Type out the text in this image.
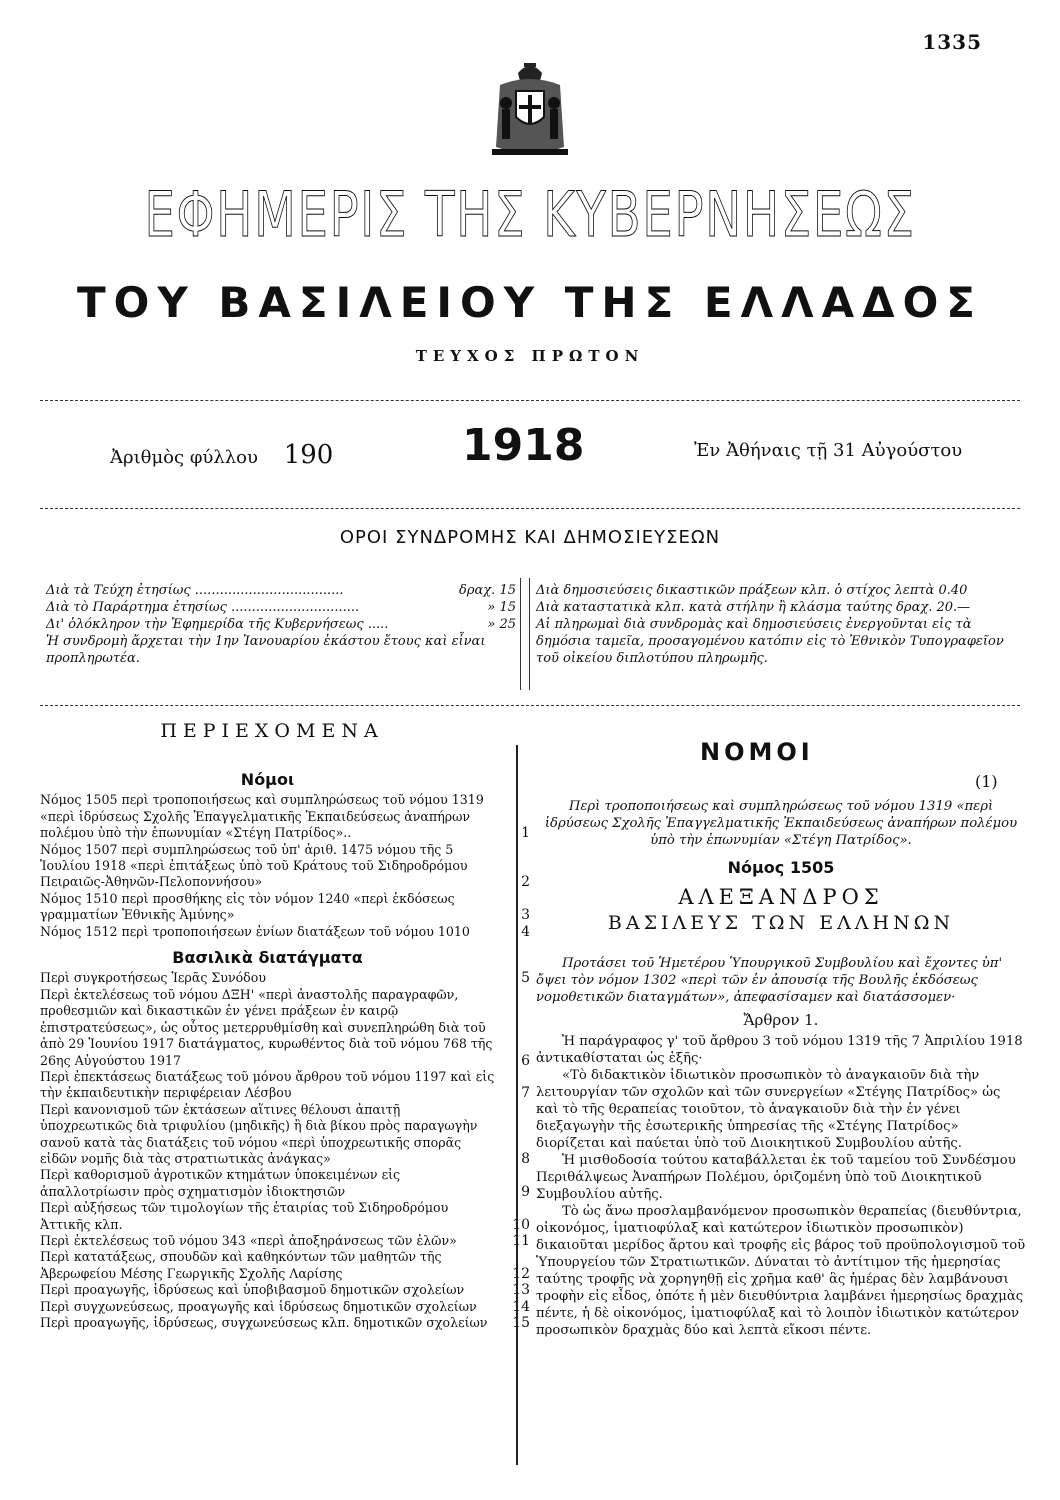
1335
ΕΦΗΜΕΡΙΣ ΤΗΣ ΚΥΒΕΡΝΗΣΕΩΣ
ΤΟΥ ΒΑΣΙΛΕΙΟΥ ΤΗΣ ΕΛΛΑΔΟΣ
ΤΕΥΧΟΣ ΠΡΩΤΟΝ
Ἀριθμὸς φύλλου 190	1918	Ἐν Ἀθήναις τῇ 31 Αὐγούστου
ΟΡΟΙ ΣΥΝΔΡΟΜΗΣ ΚΑΙ ΔΗΜΟΣΙΕΥΣΕΩΝ
Διὰ τὰ Τεύχη ἐτησίως ....................................	δραχ. 15
Διὰ τὸ Παράρτημα ἐτησίως ...............................	» 15
Δι' ὁλόκληρον τὴν Ἐφημερίδα τῆς Κυβερνήσεως .....	» 25

Ἡ συνδρομὴ ἄρχεται τὴν 1ην Ἰανουαρίου ἑκάστου ἔτους καὶ εἶναι προπληρωτέα.

Διὰ δημοσιεύσεις δικαστικῶν πράξεων κλπ. ὁ στίχος λεπτὰ 0.40

Διὰ καταστατικὰ κλπ. κατὰ στήλην ἢ κλάσμα ταύτης δραχ. 20.—

Αἱ πληρωμαὶ διὰ συνδρομὰς καὶ δημοσιεύσεις ἐνεργοῦνται εἰς τὰ δημόσια ταμεῖα, προσαγομένου κατόπιν εἰς τὸ Ἐθνικὸν Τυπογραφεῖον τοῦ οἰκείου διπλοτύπου πληρωμῆς.

ΠΕΡΙΕΧΟΜΕΝΑ
Νόμοι
Νόμος 1505 περὶ τροποποιήσεως καὶ συμπληρώσεως τοῦ νόμου 1319 «περὶ ἱδρύσεως Σχολῆς Ἐπαγγελματικῆς Ἐκπαιδεύσεως ἀναπήρων πολέμου ὑπὸ τὴν ἐπωνυμίαν «Στέγη Πατρίδος»..	1
Νόμος 1507 περὶ συμπληρώσεως τοῦ ὑπ' ἀριθ. 1475 νόμου τῆς 5 Ἰουλίου 1918 «περὶ ἐπιτάξεως ὑπὸ τοῦ Κράτους τοῦ Σιδηροδρόμου Πειραιῶς-Ἀθηνῶν-Πελοποννήσου»	2
Νόμος 1510 περὶ προσθήκης εἰς τὸν νόμον 1240 «περὶ ἐκδόσεως γραμματίων Ἐθνικῆς Ἀμύνης»	3
Νόμος 1512 περὶ τροποποιήσεων ἐνίων διατάξεων τοῦ νόμου 1010	4
Βασιλικὰ διατάγματα
Περὶ συγκροτήσεως Ἱερᾶς Συνόδου	5
Περὶ ἐκτελέσεως τοῦ νόμου ΔΞΗ' «περὶ ἀναστολῆς παραγραφῶν, προθεσμιῶν καὶ δικαστικῶν ἐν γένει πράξεων ἐν καιρῷ ἐπιστρατεύσεως», ὡς οὗτος μετερρυθμίσθη καὶ συνεπληρώθη διὰ τοῦ ἀπὸ 29 Ἰουνίου 1917 διατάγματος, κυρωθέντος διὰ τοῦ νόμου 768 τῆς 26ης Αὐγούστου 1917	6
Περὶ ἐπεκτάσεως διατάξεως τοῦ μόνου ἄρθρου τοῦ νόμου 1197 καὶ εἰς τὴν ἐκπαιδευτικὴν περιφέρειαν Λέσβου	7
Περὶ κανονισμοῦ τῶν ἐκτάσεων αἵτινες θέλουσι ἀπαιτῇ ὑποχρεωτικῶς διὰ τριφυλίου (μηδικῆς) ἢ διὰ βίκου πρὸς παραγωγὴν σανοῦ κατὰ τὰς διατάξεις τοῦ νόμου «περὶ ὑποχρεωτικῆς σπορᾶς εἰδῶν νομῆς διὰ τὰς στρατιωτικὰς ἀνάγκας»	8
Περὶ καθορισμοῦ ἀγροτικῶν κτημάτων ὑποκειμένων εἰς ἀπαλλοτρίωσιν πρὸς σχηματισμὸν ἰδιοκτησιῶν	9
Περὶ αὐξήσεως τῶν τιμολογίων τῆς ἑταιρίας τοῦ Σιδηροδρόμου Ἀττικῆς κλπ.	10
Περὶ ἐκτελέσεως τοῦ νόμου 343 «περὶ ἀποξηράνσεως τῶν ἑλῶν»	11
Περὶ κατατάξεως, σπουδῶν καὶ καθηκόντων τῶν μαθητῶν τῆς Ἀβερωφείου Μέσης Γεωργικῆς Σχολῆς Λαρίσης	12
Περὶ προαγωγῆς, ἱδρύσεως καὶ ὑποβιβασμοῦ δημοτικῶν σχολείων	13
Περὶ συγχωνεύσεως, προαγωγῆς καὶ ἱδρύσεως δημοτικῶν σχολείων	14
Περὶ προαγωγῆς, ἱδρύσεως, συγχωνεύσεως κλπ. δημοτικῶν σχολείων	15
ΝΟΜΟΙ
(1)
Περὶ τροποποιήσεως καὶ συμπληρώσεως τοῦ νόμου 1319 «περὶ ἱδρύσεως Σχολῆς Ἐπαγγελματικῆς Ἐκπαιδεύσεως ἀναπήρων πολέμου ὑπὸ τὴν ἐπωνυμίαν «Στέγη Πατρίδος».
Νόμος 1505
ΑΛΕΞΑΝΔΡΟΣ
ΒΑΣΙΛΕΥΣ ΤΩΝ ΕΛΛΗΝΩΝ

Προτάσει τοῦ Ἡμετέρου Ὑπουργικοῦ Συμβουλίου καὶ ἔχοντες ὑπ' ὄψει τὸν νόμον 1302 «περὶ τῶν ἐν ἀπουσίᾳ τῆς Βουλῆς ἐκδόσεως νομοθετικῶν διαταγμάτων», ἀπεφασίσαμεν καὶ διατάσσομεν·

Ἄρθρον 1.

Ἡ παράγραφος γ' τοῦ ἄρθρου 3 τοῦ νόμου 1319 τῆς 7 Ἀπριλίου 1918 ἀντικαθίσταται ὡς ἑξῆς·

«Τὸ διδακτικὸν ἰδιωτικὸν προσωπικὸν τὸ ἀναγκαιοῦν διὰ τὴν λειτουργίαν τῶν σχολῶν καὶ τῶν συνεργείων «Στέγης Πατρίδος» ὡς καὶ τὸ τῆς θεραπείας τοιοῦτον, τὸ ἀναγκαιοῦν διὰ τὴν ἐν γένει διεξαγωγὴν τῆς ἐσωτερικῆς ὑπηρεσίας τῆς «Στέγης Πατρίδος» διορίζεται καὶ παύεται ὑπὸ τοῦ Διοικητικοῦ Συμβουλίου αὐτῆς.

Ἡ μισθοδοσία τούτου καταβάλλεται ἐκ τοῦ ταμείου τοῦ Συνδέσμου Περιθάλψεως Ἀναπήρων Πολέμου, ὁριζομένη ὑπὸ τοῦ Διοικητικοῦ Συμβουλίου αὐτῆς.

Τὸ ὡς ἄνω προσλαμβανόμενον προσωπικὸν θεραπείας (διευθύντρια, οἰκονόμος, ἱματιοφύλαξ καὶ κατώτερον ἰδιωτικὸν προσωπικὸν) δικαιοῦται μερίδος ἄρτου καὶ τροφῆς εἰς βάρος τοῦ προϋπολογισμοῦ τοῦ Ὑπουργείου τῶν Στρατιωτικῶν. Δύναται τὸ ἀντίτιμον τῆς ἡμερησίας ταύτης τροφῆς νὰ χορηγηθῇ εἰς χρῆμα καθ' ἃς ἡμέρας δὲν λαμβάνουσι τροφὴν εἰς εἶδος, ὁπότε ἡ μὲν διευθύντρια λαμβάνει ἡμερησίως δραχμὰς πέντε, ἡ δὲ οἰκονόμος, ἱματιοφύλαξ καὶ τὸ λοιπὸν ἰδιωτικὸν κατώτερον προσωπικὸν δραχμὰς δύο καὶ λεπτὰ εἴκοσι πέντε.
